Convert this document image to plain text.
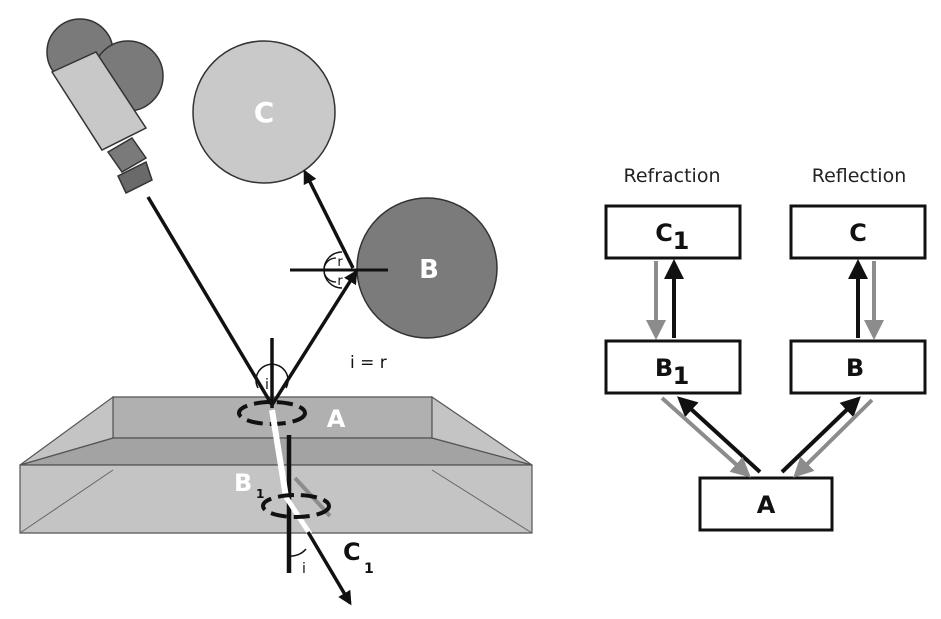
C
B
r
r
i
i = r
A
B 1
i
C
1
Refraction	Reflection
C 1	C
B 1	B
A
